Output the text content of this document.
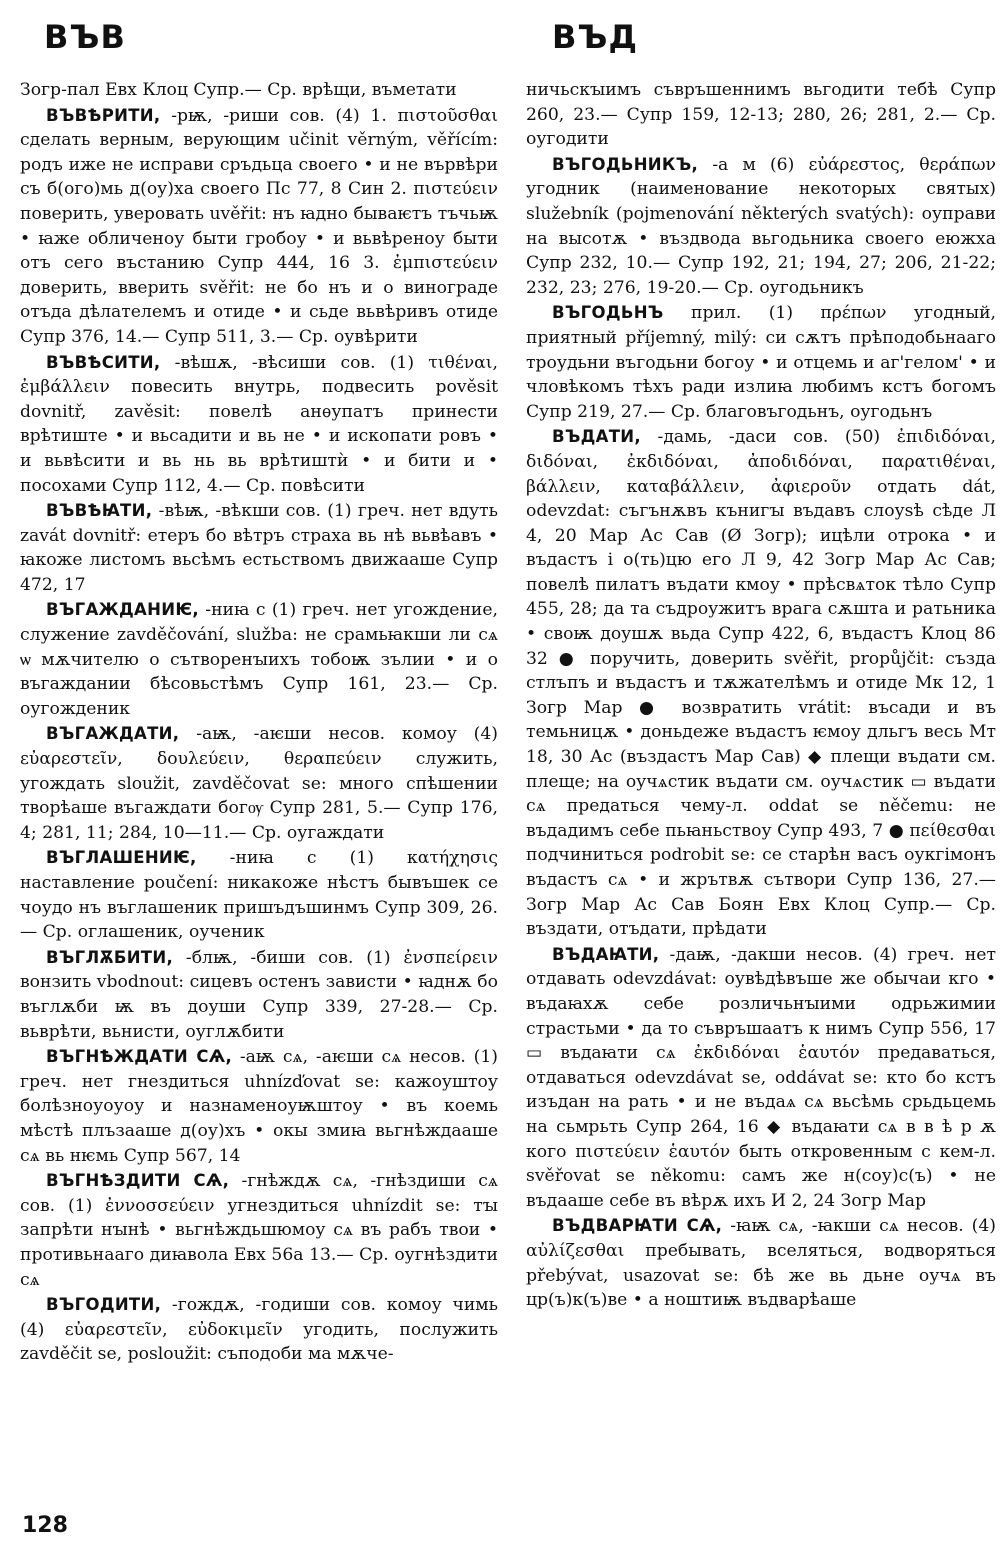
ВЪВ	ВЪД

Зогр-пал Евх Клоц Супр.— Ср. врѣщи, въметати

ВЪВѢРИТИ, -рѭ, -риши сов. (4) 1. πιστοῦσθαι сделать верным, верующим učinit věrným, věřícím: родъ иже не исправи сръдьца своего • и не вървѣри съ б(ого)мь д(оу)ха своего Пс 77, 8 Син 2. πιστεύειν поверить, уверовать uvěřit: нъ ꙗдно бываѥтъ тъчьѭ • ꙗже обличеноу быти гробоу • и вьвѣреноу быти отъ сего въстанию Супр 444, 16 3. ἐμπιστεύειν доверить, вверить svěřit: не бо нъ и о винограде отъда дѣлателемъ и отиде • и сьде вьвѣривъ отиде Супр 376, 14.— Супр 511, 3.— Ср. оувѣрити

ВЪВѢСИТИ, -вѣшѫ, -вѣсиши сов. (1) τιθέναι, ἐμβάλλειν повесить внутрь, подвесить pověsit dovnitř, zavěsit: повелѣ анѳупатъ принести врѣтиште • и вьсадити и вь не • и ископати ровъ • и вьвѣсити и вь нь вь врѣтиштѝ • и бити и • посохами Супр 112, 4.— Ср. повѣсити

ВЪВѢꙖТИ, -вѣѭ, -вѣкши сов. (1) греч. нет вдуть zavát dovnitř: етеръ бо вѣтръ страха вь нѣ вьвѣавъ • ꙗкоже листомъ вьсѣмъ естьствомъ движааше Супр 472, 17

ВЪГАЖДАНИѤ, -ниꙗ с (1) греч. нет угождение, служение zavděčování, služba: не срамьꙗкши ли сѧ ѡ мѫчителю о сътворенꙑихъ тобоѭ зълии • и о въгаждании бѣсовьстѣмъ Супр 161, 23.— Ср. оугожденик

ВЪГАЖДАТИ, -аѭ, -аѥши несов. комоу (4) εὐαρεστεῖν, δουλεύειν, θεραπεύειν служить, угождать sloužit, zavděčovat se: много спѣшении творѣаше въгаждати богѹ Супр 281, 5.— Супр 176, 4; 281, 11; 284, 10—11.— Ср. оугаждати

ВЪГЛАШЕНИѤ, -ниꙗ с (1) κατήχησις наставление poučení: никакоже нѣстъ бывъшек се чоудо нъ въглашеник пришъдъшинмъ Супр 309, 26.— Ср. оглашеник, оученик

ВЪГЛѪБИТИ, -блѭ, -биши сов. (1) ἐνσπείρειν вонзить vbodnout: сицевъ остенъ зависти • ꙗднѫ бо въглѫби ѭ въ доуши Супр 339, 27-28.— Ср. вьврѣти, вьнисти, оуглѫбити

ВЪГНѢЖДАТИ СѦ, -аѭ сѧ, -аѥши сѧ несов. (1) греч. нет гнездиться uhnízďovat se: кажоуштоу болѣзноуоуоу и назнаменоуѭштоу • въ коемь мѣстѣ плъзааше д(оу)хъ • окы змиꙗ вьгнѣждааше сѧ вь нѥмь Супр 567, 14

ВЪГНѢЗДИТИ СѦ, -гнѣждѫ сѧ, -гнѣздиши сѧ сов. (1) ἐννοσσεύειν угнездиться uhnízdit se: тꙑ запрѣти нꙑнѣ • вьгнѣждьшюмоу сѧ въ рабъ твои • противьнааго диꙗвола Евх 56а 13.— Ср. оугнѣздити сѧ

ВЪГОДИТИ, -гождѫ, -годиши сов. комоу чимь (4) εὐαρεστεῖν, εὐδοκιμεῖν угодить, послужить zavděčit se, posloužit: съподоби ма мѫче-

ничьскꙑимъ съвръшеннимъ вьгодити тебѣ Супр 260, 23.— Супр 159, 12-13; 280, 26; 281, 2.— Ср. оугодити

ВЪГОДЬНИКЪ, -а м (6) εὐάρεστος, θεράπων угодник (наименование некоторых святых) služebník (pojmenování některých svatých): оуправи на высотѫ • въздвода вьгодьника своего еюжха Супр 232, 10.— Супр 192, 21; 194, 27; 206, 21-22; 232, 23; 276, 19-20.— Ср. оугодьникъ

ВЪГОДЬНЪ прил. (1) πρέπων угодный, приятный příjemný, milý: си сѫтъ прѣподобьнааго троудьни въгодьни богоу • и отцемь и аг'гелом' • и чловѣкомъ тѣхъ ради излиꙗ любимъ кстъ богомъ Супр 219, 27.— Ср. благовъгодьнъ, оугодьнъ

ВЪДАТИ, -дамь, -даси сов. (50) ἐπιδιδόναι, διδόναι, ἐκδιδόναι, ἀποδιδόναι, παρατιθέναι, βάλλειν, καταβάλλειν, ἀφιεροῦν отдать dát, odevzdat: съгънѫвъ кънигꙑ въдавъ слоуѕѣ сѣде Л 4, 20 Мар Ас Сав (Ø Зогр); ицѣли отрока • и въдастъ і о(ть)цю его Л 9, 42 Зогр Мар Ас Сав; повелѣ пилатъ въдати кмоу • прѣсвѧток тѣло Супр 455, 28; да та съдроужитъ врага сѫшта и ратьника • своѭ доушѫ вьда Супр 422, 6, въдастъ Клоц 86 32 ● поручить, доверить svěřit, propůjčit: създа стлъпъ и въдастъ и тѫжателѣмъ и отиде Мк 12, 1 Зогр Мар ● возвратить vrátit: въсади и въ темьницѫ • доньдеже въдастъ ѥмоу дльгъ весь Мт 18, 30 Ас (въздастъ Мар Сав) ◆ плещи въдати см. плеще; на оучѧстик въдати см. оучѧстик ▭ въдати сѧ предаться чему-л. oddat se něčemu: не въдадимъ себе пьꙗньствоу Супр 493, 7 ● πείθεσθαι подчиниться podrobit se: се старѣн васъ оукгімонъ въдастъ сѧ • и жрътвѫ сътвори Супр 136, 27.— Зогр Мар Ас Сав Боян Евх Клоц Супр.— Ср. въздати, отъдати, прѣдати

ВЪДАꙖТИ, -даѭ, -дакши несов. (4) греч. нет отдавать odevzdávat: оувѣдѣвъше же обычаи кго • въдаꙗхѫ себе розличьнꙑими одрьжимии страстьми • да то съвръшаатъ к нимъ Супр 556, 17 ▭ въдаꙗти сѧ ἐκδιδόναι ἑαυτόν предаваться, отдаваться odevzdávat se, oddávat se: кто бо кстъ изъдан на рать • и не въдаѧ сѧ вьсѣмь срьдьцемь на сьмрьть Супр 264, 16 ◆ въдаꙗти сѧ в в ѣ р ѫ кого πιστεύειν ἑαυτόν быть откровенным с кем-л. svěřovat se někomu: самъ же н(соу)с(ъ) • не въдааше себе въ вѣрѫ ихъ И 2, 24 Зогр Мар

ВЪДВАРꙖТИ СѦ, -ꙗѭ сѧ, -ꙗкши сѧ несов. (4) αὐλίζεσθαι пребывать, вселяться, водворяться přebývat, usazovat se: бѣ же вь дьне оучѧ въ цр(ъ)к(ъ)ве • а ноштиѭ въдварѣаше

128
